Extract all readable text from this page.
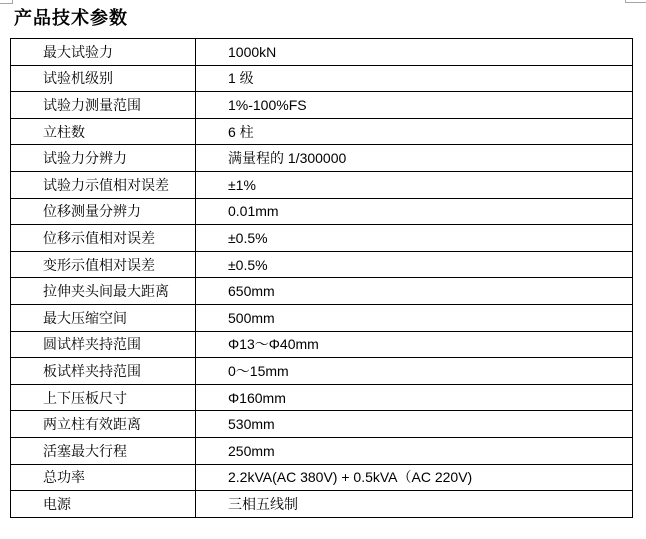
产品技术参数
最大试验力	1000kN
试验机级别	1 级
试验力测量范围	1%-100%FS
立柱数	6 柱
试验力分辨力	满量程的 1/300000
试验力示值相对误差	±1%
位移测量分辨力	0.01mm
位移示值相对误差	±0.5%
变形示值相对误差	±0.5%
拉伸夹头间最大距离	650mm
最大压缩空间	500mm
圆试样夹持范围	Φ13～Φ40mm
板试样夹持范围	0～15mm
上下压板尺寸	Φ160mm
两立柱有效距离	530mm
活塞最大行程	250mm
总功率	2.2kVA(AC 380V) + 0.5kVA（AC 220V)
电源	三相五线制
